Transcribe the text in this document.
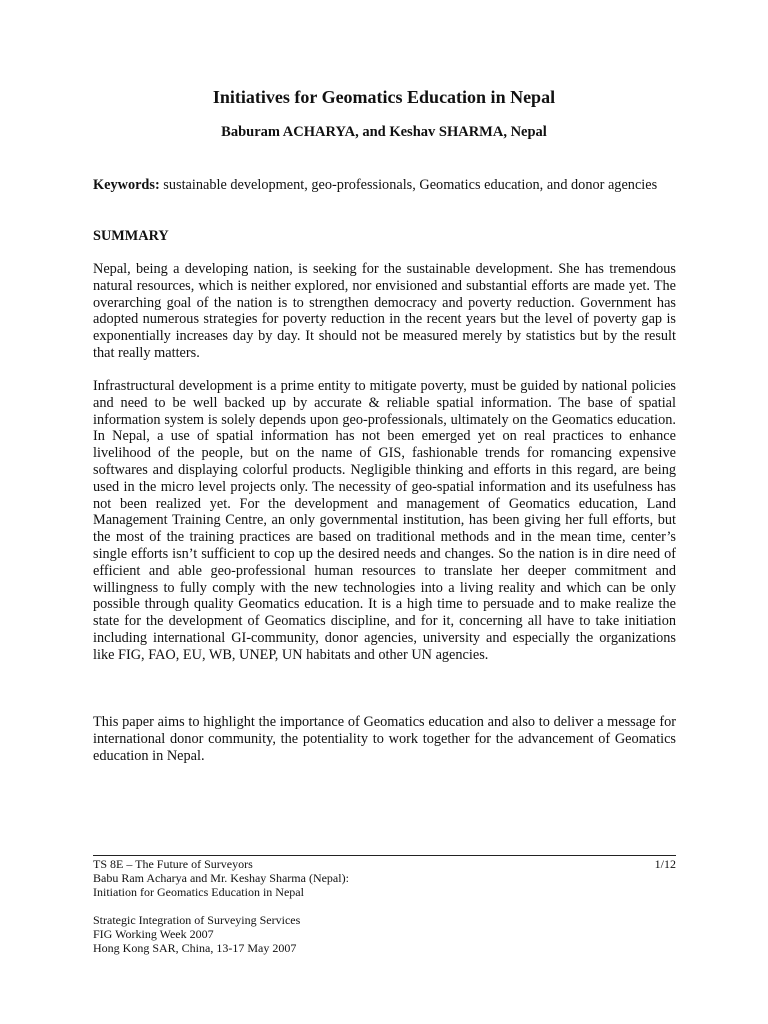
Initiatives for Geomatics Education in Nepal
Baburam ACHARYA, and Keshav SHARMA, Nepal
Keywords: sustainable development, geo-professionals, Geomatics education, and donor agencies
SUMMARY

Nepal, being a developing nation, is seeking for the sustainable development. She has tremendous natural resources, which is neither explored, nor envisioned and substantial efforts are made yet. The overarching goal of the nation is to strengthen democracy and poverty reduction. Government has adopted numerous strategies for poverty reduction in the recent years but the level of poverty gap is exponentially increases day by day. It should not be measured merely by statistics but by the result that really matters.

Infrastructural development is a prime entity to mitigate poverty, must be guided by national policies and need to be well backed up by accurate & reliable spatial information. The base of spatial information system is solely depends upon geo-professionals, ultimately on the Geomatics education. In Nepal, a use of spatial information has not been emerged yet on real practices to enhance livelihood of the people, but on the name of GIS, fashionable trends for romancing expensive softwares and displaying colorful products. Negligible thinking and efforts in this regard, are being used in the micro level projects only. The necessity of geo-spatial information and its usefulness has not been realized yet. For the development and management of Geomatics education, Land Management Training Centre, an only governmental institution, has been giving her full efforts, but the most of the training practices are based on traditional methods and in the mean time, center’s single efforts isn’t sufficient to cop up the desired needs and changes. So the nation is in dire need of efficient and able geo-professional human resources to translate her deeper commitment and willingness to fully comply with the new technologies into a living reality and which can be only possible through quality Geomatics education. It is a high time to persuade and to make realize the state for the development of Geomatics discipline, and for it, concerning all have to take initiation including international GI-community, donor agencies, university and especially the organizations like FIG, FAO, EU, WB, UNEP, UN habitats and other UN agencies.

This paper aims to highlight the importance of Geomatics education and also to deliver a message for international donor community, the potentiality to work together for the advancement of Geomatics education in Nepal.

TS 8E – The Future of Surveyors	1/12
Babu Ram Acharya and Mr. Keshay Sharma (Nepal):
Initiation for Geomatics Education in Nepal
Strategic Integration of Surveying Services
FIG Working Week 2007
Hong Kong SAR, China, 13-17 May 2007
